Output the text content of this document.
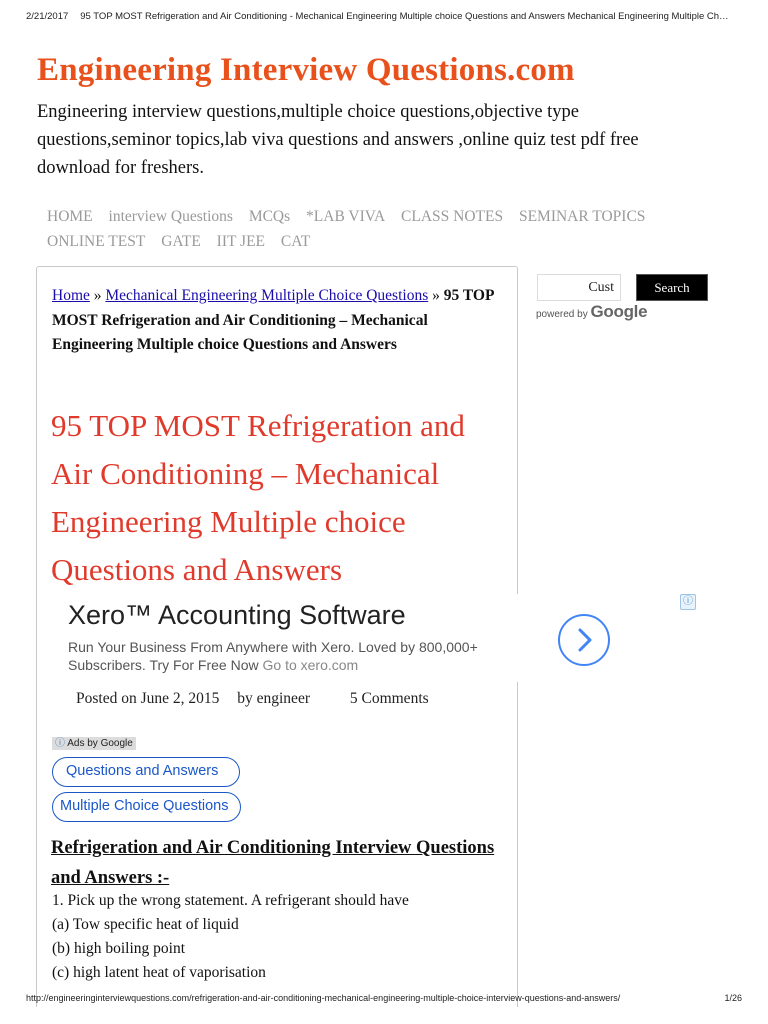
2/21/2017 95 TOP MOST Refrigeration and Air Conditioning - Mechanical Engineering Multiple choice Questions and Answers Mechanical Engineering Multiple Ch…
Engineering Interview Questions.com
Engineering interview questions,multiple choice questions,objective type questions,seminor topics,lab viva questions and answers ,online quiz test pdf free download for freshers.
HOME interview Questions MCQs *LAB VIVA CLASS NOTES SEMINAR TOPICS ONLINE TEST GATE IIT JEE CAT
Home » Mechanical Engineering Multiple Choice Questions » 95 TOP MOST Refrigeration and Air Conditioning – Mechanical Engineering Multiple choice Questions and Answers
95 TOP MOST Refrigeration and Air Conditioning – Mechanical Engineering Multiple choice Questions and Answers
Xero™ Accounting Software
Run Your Business From Anywhere with Xero. Loved by 800,000+ Subscribers. Try For Free Now Go to xero.com
ⓘ
Posted on June 2, 2015 by engineer	5 Comments
ⓘ Ads by Google
Questions and Answers
Multiple Choice Questions
Refrigeration and Air Conditioning Interview Questions and Answers :-
1. Pick up the wrong statement. A refrigerant should have
(a) Tow specific heat of liquid
(b) high boiling point
(c) high latent heat of vaporisation
Cust	Search
powered by Google
http://engineeringinterviewquestions.com/refrigeration-and-air-conditioning-mechanical-engineering-multiple-choice-interview-questions-and-answers/	1/26
